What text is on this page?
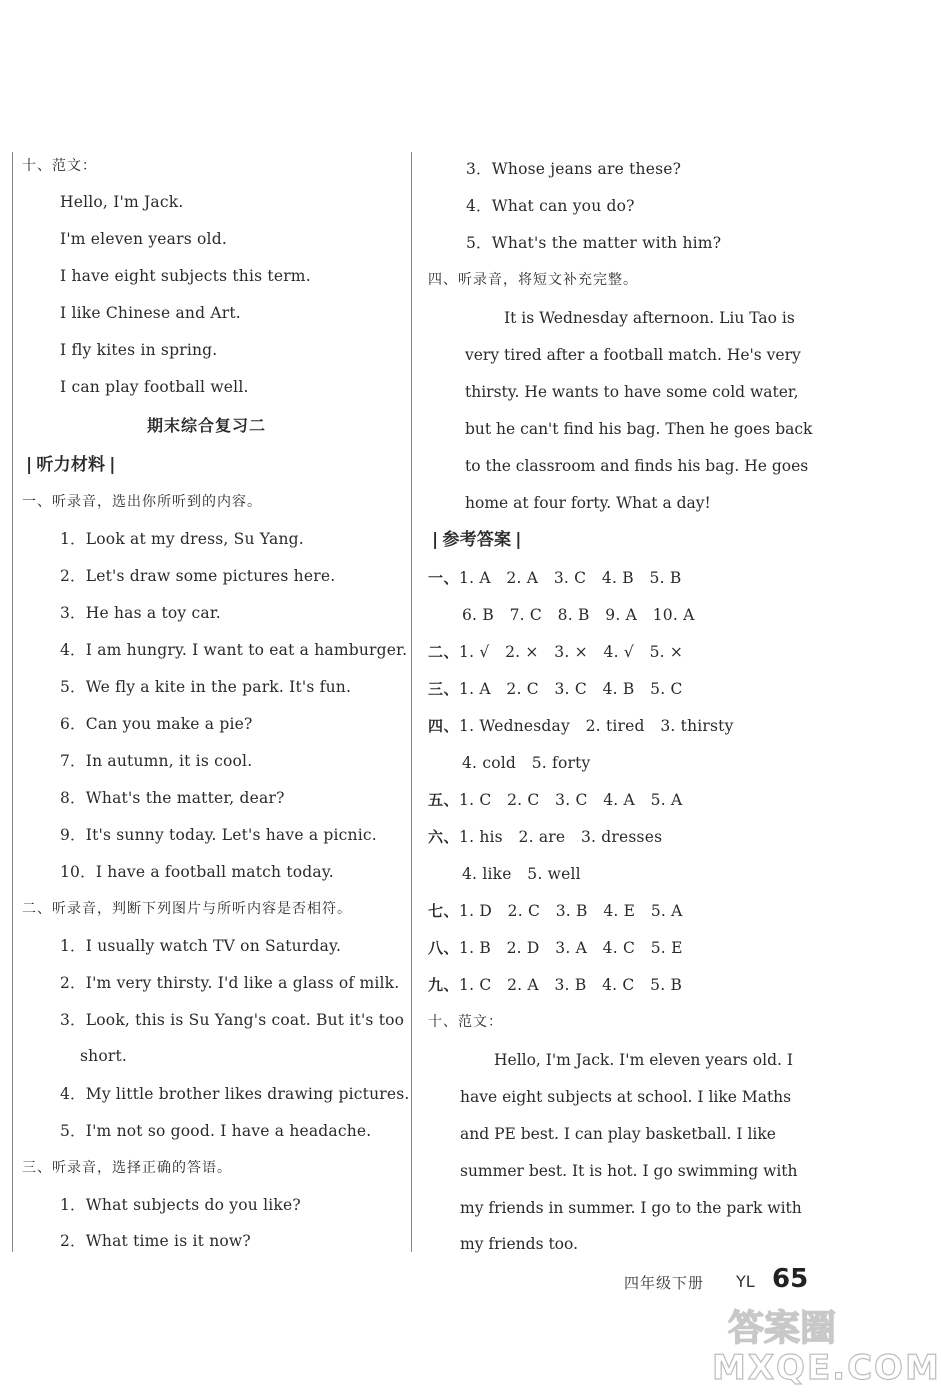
十、范文：
Hello, I'm Jack.
I'm eleven years old.
I have eight subjects this term.
I like Chinese and Art.
I fly kites in spring.
I can play football well.
期末综合复习二
| 听力材料 |
一、听录音，选出你所听到的内容。
1．Look at my dress, Su Yang.
2．Let's draw some pictures here.
3．He has a toy car.
4．I am hungry. I want to eat a hamburger.
5．We fly a kite in the park. It's fun.
6．Can you make a pie?
7．In autumn, it is cool.
8．What's the matter, dear?
9．It's sunny today. Let's have a picnic.
10．I have a football match today.
二、听录音，判断下列图片与所听内容是否相符。
1．I usually watch TV on Saturday.
2．I'm very thirsty. I'd like a glass of milk.
3．Look, this is Su Yang's coat. But it's too
short.
4．My little brother likes drawing pictures.
5．I'm not so good. I have a headache.
三、听录音，选择正确的答语。
1．What subjects do you like?
2．What time is it now?
3．Whose jeans are these?
4．What can you do?
5．What's the matter with him?
四、听录音，将短文补充完整。
It is Wednesday afternoon. Liu Tao is
very tired after a football match. He's very
thirsty. He wants to have some cold water,
but he can't find his bag. Then he goes back
to the classroom and finds his bag. He goes
home at four forty. What a day!
| 参考答案 |
一、1. A　2. A　3. C　4. B　5. B
6. B　7. C　8. B　9. A　10. A
二、1. √　2. ×　3. ×　4. √　5. ×
三、1. A　2. C　3. C　4. B　5. C
四、1. Wednesday　2. tired　3. thirsty
4. cold　5. forty
五、1. C　2. C　3. C　4. A　5. A
六、1. his　2. are　3. dresses
4. like　5. well
七、1. D　2. C　3. B　4. E　5. A
八、1. B　2. D　3. A　4. C　5. E
九、1. C　2. A　3. B　4. C　5. B
十、范文：
Hello, I'm Jack. I'm eleven years old. I
have eight subjects at school. I like Maths
and PE best. I can play basketball. I like
summer best. It is hot. I go swimming with
my friends in summer. I go to the park with
my friends too.
四年级下册 YL 65
答案圈
MXQE.COM
